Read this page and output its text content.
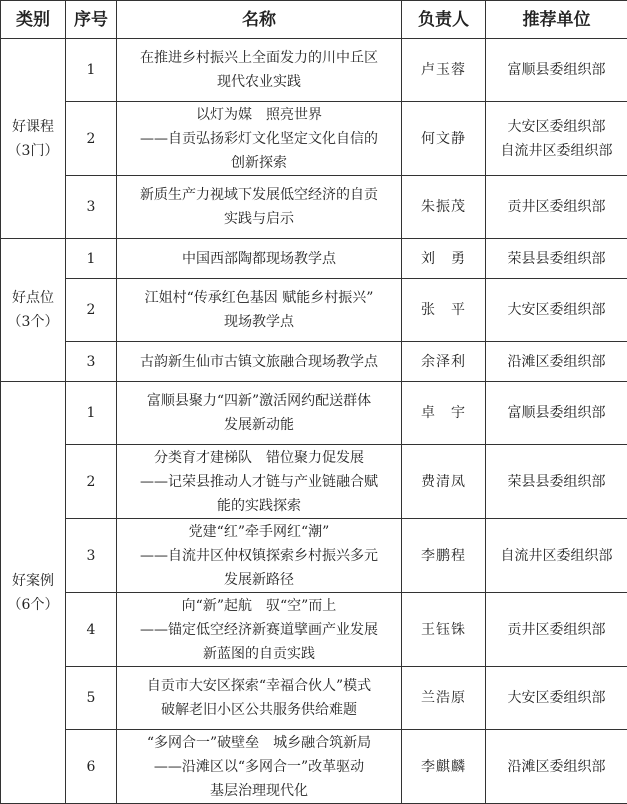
类别	序号	名称	负责人	推荐单位

好课程
（3门）	1	在推进乡村振兴上全面发力的川中丘区
现代农业实践	卢玉蓉	富顺县委组织部

	2	以灯为媒　照亮世界
——自贡弘扬彩灯文化坚定文化自信的
创新探索	何文静	大安区委组织部
自流井区委组织部

	3	新质生产力视域下发展低空经济的自贡
实践与启示	朱振茂	贡井区委组织部

好点位
（3个）	1	中国西部陶都现场教学点	刘　勇	荣县县委组织部

	2	江姐村“传承红色基因 赋能乡村振兴”
现场教学点	张　平	大安区委组织部

	3	古韵新生仙市古镇文旅融合现场教学点	余泽利	沿滩区委组织部

好案例
（6个）	1	富顺县聚力“四新”激活网约配送群体
发展新动能	卓　宇	富顺县委组织部

	2	分类育才建梯队　错位聚力促发展
——记荣县推动人才链与产业链融合赋
能的实践探索	费清凤	荣县县委组织部

	3	党建“红”牵手网红“潮”
——自流井区仲权镇探索乡村振兴多元
发展新路径	李鹏程	自流井区委组织部

	4	向“新”起航　驭“空”而上
——锚定低空经济新赛道擘画产业发展
新蓝图的自贡实践	王钰铢	贡井区委组织部

	5	自贡市大安区探索“幸福合伙人”模式
破解老旧小区公共服务供给难题	兰浩原	大安区委组织部

	6	“多网合一”破壁垒　城乡融合筑新局
——沿滩区以“多网合一”改革驱动
基层治理现代化	李麒麟	沿滩区委组织部
